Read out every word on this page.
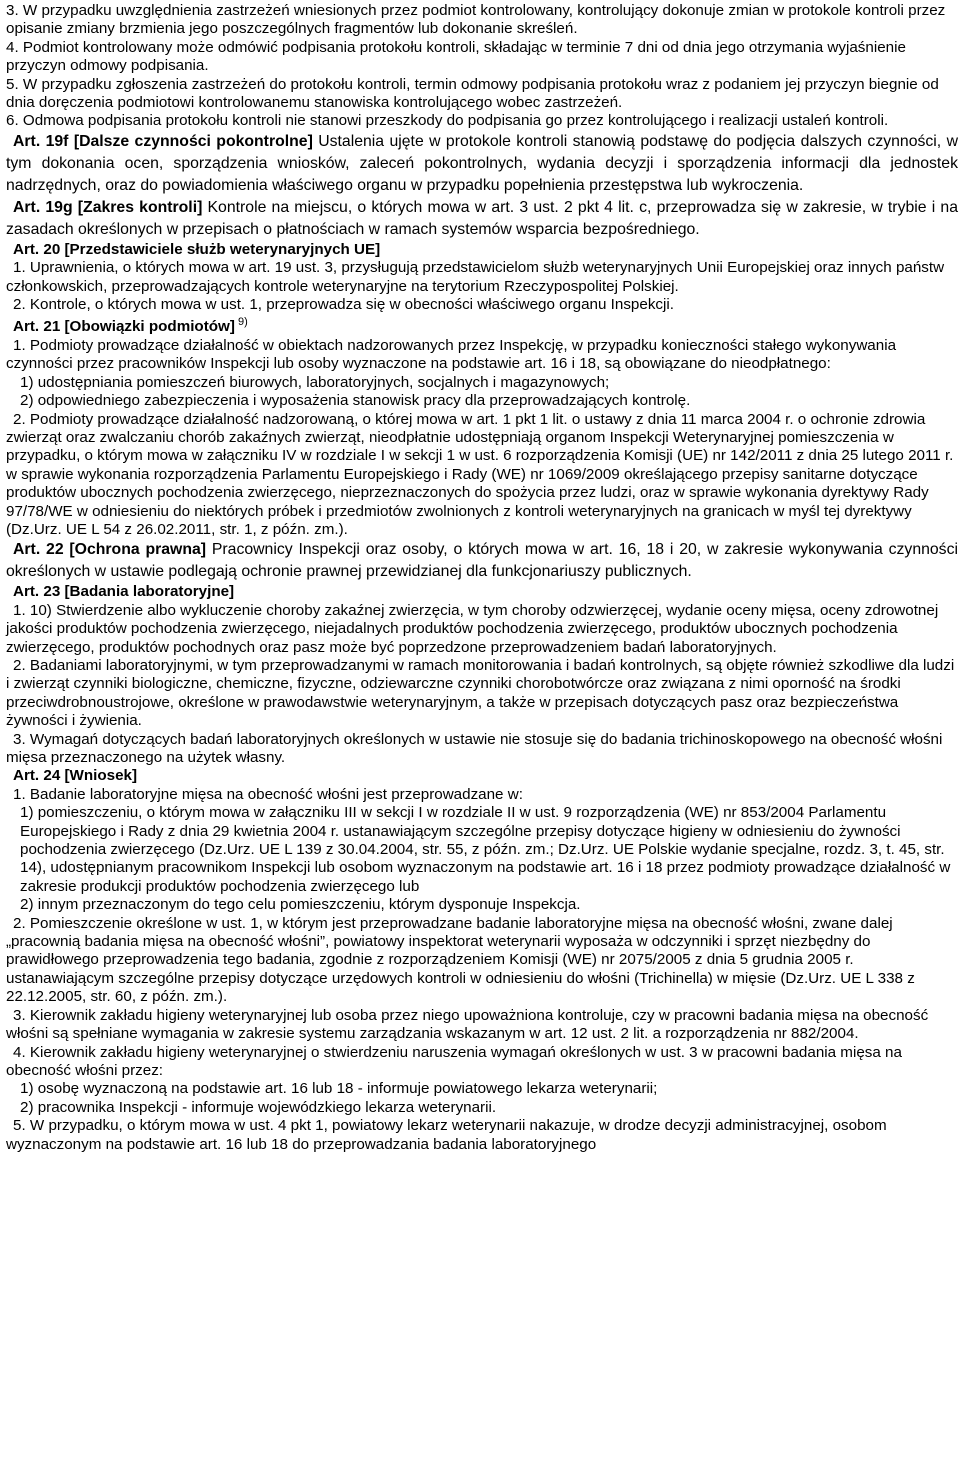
3. W przypadku uwzględnienia zastrzeżeń wniesionych przez podmiot kontrolowany, kontrolujący dokonuje zmian w protokole kontroli przez opisanie zmiany brzmienia jego poszczególnych fragmentów lub dokonanie skreśleń.

4. Podmiot kontrolowany może odmówić podpisania protokołu kontroli, składając w terminie 7 dni od dnia jego otrzymania wyjaśnienie przyczyn odmowy podpisania.

5. W przypadku zgłoszenia zastrzeżeń do protokołu kontroli, termin odmowy podpisania protokołu wraz z podaniem jej przyczyn biegnie od dnia doręczenia podmiotowi kontrolowanemu stanowiska kontrolującego wobec zastrzeżeń.

6. Odmowa podpisania protokołu kontroli nie stanowi przeszkody do podpisania go przez kontrolującego i realizacji ustaleń kontroli.

Art. 19f [Dalsze czynności pokontrolne] Ustalenia ujęte w protokole kontroli stanowią podstawę do podjęcia dalszych czynności, w tym dokonania ocen, sporządzenia wniosków, zaleceń pokontrolnych, wydania decyzji i sporządzenia informacji dla jednostek nadrzędnych, oraz do powiadomienia właściwego organu w przypadku popełnienia przestępstwa lub wykroczenia.

Art. 19g [Zakres kontroli] Kontrole na miejscu, o których mowa w art. 3 ust. 2 pkt 4 lit. c, przeprowadza się w zakresie, w trybie i na zasadach określonych w przepisach o płatnościach w ramach systemów wsparcia bezpośredniego.

Art. 20 [Przedstawiciele służb weterynaryjnych UE]

1. Uprawnienia, o których mowa w art. 19 ust. 3, przysługują przedstawicielom służb weterynaryjnych Unii Europejskiej oraz innych państw członkowskich, przeprowadzających kontrole weterynaryjne na terytorium Rzeczypospolitej Polskiej.

2. Kontrole, o których mowa w ust. 1, przeprowadza się w obecności właściwego organu Inspekcji.

Art. 21 [Obowiązki podmiotów] $^{9)}$

1. Podmioty prowadzące działalność w obiektach nadzorowanych przez Inspekcję, w przypadku konieczności stałego wykonywania czynności przez pracowników Inspekcji lub osoby wyznaczone na podstawie art. 16 i 18, są obowiązane do nieodpłatnego:

1) udostępniania pomieszczeń biurowych, laboratoryjnych, socjalnych i magazynowych;

2) odpowiedniego zabezpieczenia i wyposażenia stanowisk pracy dla przeprowadzających kontrolę.

2. Podmioty prowadzące działalność nadzorowaną, o której mowa w art. 1 pkt 1 lit. o ustawy z dnia 11 marca 2004 r. o ochronie zdrowia zwierząt oraz zwalczaniu chorób zakaźnych zwierząt, nieodpłatnie udostępniają organom Inspekcji Weterynaryjnej pomieszczenia w przypadku, o którym mowa w załączniku IV w rozdziale I w sekcji 1 w ust. 6 rozporządzenia Komisji (UE) nr 142/2011 z dnia 25 lutego 2011 r. w sprawie wykonania rozporządzenia Parlamentu Europejskiego i Rady (WE) nr 1069/2009 określającego przepisy sanitarne dotyczące produktów ubocznych pochodzenia zwierzęcego, nieprzeznaczonych do spożycia przez ludzi, oraz w sprawie wykonania dyrektywy Rady 97/78/WE w odniesieniu do niektórych próbek i przedmiotów zwolnionych z kontroli weterynaryjnych na granicach w myśl tej dyrektywy (Dz.Urz. UE L 54 z 26.02.2011, str. 1, z późn. zm.).

Art. 22 [Ochrona prawna] Pracownicy Inspekcji oraz osoby, o których mowa w art. 16, 18 i 20, w zakresie wykonywania czynności określonych w ustawie podlegają ochronie prawnej przewidzianej dla funkcjonariuszy publicznych.

Art. 23 [Badania laboratoryjne]

1. 10) Stwierdzenie albo wykluczenie choroby zakaźnej zwierzęcia, w tym choroby odzwierzęcej, wydanie oceny mięsa, oceny zdrowotnej jakości produktów pochodzenia zwierzęcego, niejadalnych produktów pochodzenia zwierzęcego, produktów ubocznych pochodzenia zwierzęcego, produktów pochodnych oraz pasz może być poprzedzone przeprowadzeniem badań laboratoryjnych.

2. Badaniami laboratoryjnymi, w tym przeprowadzanymi w ramach monitorowania i badań kontrolnych, są objęte również szkodliwe dla ludzi i zwierząt czynniki biologiczne, chemiczne, fizyczne, odziewarczne czynniki chorobotwórcze oraz związana z nimi oporność na środki przeciwdrobnoustrojowe, określone w prawodawstwie weterynaryjnym, a także w przepisach dotyczących pasz oraz bezpieczeństwa żywności i żywienia.

3. Wymagań dotyczących badań laboratoryjnych określonych w ustawie nie stosuje się do badania trichinoskopowego na obecność włośni mięsa przeznaczonego na użytek własny.

Art. 24 [Wniosek]

1. Badanie laboratoryjne mięsa na obecność włośni jest przeprowadzane w:

1) pomieszczeniu, o którym mowa w załączniku III w sekcji I w rozdziale II w ust. 9 rozporządzenia (WE) nr 853/2004 Parlamentu Europejskiego i Rady z dnia 29 kwietnia 2004 r. ustanawiającym szczególne przepisy dotyczące higieny w odniesieniu do żywności pochodzenia zwierzęcego (Dz.Urz. UE L 139 z 30.04.2004, str. 55, z późn. zm.; Dz.Urz. UE Polskie wydanie specjalne, rozdz. 3, t. 45, str. 14), udostępnianym pracownikom Inspekcji lub osobom wyznaczonym na podstawie art. 16 i 18 przez podmioty prowadzące działalność w zakresie produkcji produktów pochodzenia zwierzęcego lub

2) innym przeznaczonym do tego celu pomieszczeniu, którym dysponuje Inspekcja.

2. Pomieszczenie określone w ust. 1, w którym jest przeprowadzane badanie laboratoryjne mięsa na obecność włośni, zwane dalej „pracownią badania mięsa na obecność włośni”, powiatowy inspektorat weterynarii wyposaża w odczynniki i sprzęt niezbędny do prawidłowego przeprowadzenia tego badania, zgodnie z rozporządzeniem Komisji (WE) nr 2075/2005 z dnia 5 grudnia 2005 r. ustanawiającym szczególne przepisy dotyczące urzędowych kontroli w odniesieniu do włośni (Trichinella) w mięsie (Dz.Urz. UE L 338 z 22.12.2005, str. 60, z późn. zm.).

3. Kierownik zakładu higieny weterynaryjnej lub osoba przez niego upoważniona kontroluje, czy w pracowni badania mięsa na obecność włośni są spełniane wymagania w zakresie systemu zarządzania wskazanym w art. 12 ust. 2 lit. a rozporządzenia nr 882/2004.

4. Kierownik zakładu higieny weterynaryjnej o stwierdzeniu naruszenia wymagań określonych w ust. 3 w pracowni badania mięsa na obecność włośni przez:

1) osobę wyznaczoną na podstawie art. 16 lub 18 - informuje powiatowego lekarza weterynarii;

2) pracownika Inspekcji - informuje wojewódzkiego lekarza weterynarii.

5. W przypadku, o którym mowa w ust. 4 pkt 1, powiatowy lekarz weterynarii nakazuje, w drodze decyzji administracyjnej, osobom wyznaczonym na podstawie art. 16 lub 18 do przeprowadzania badania laboratoryjnego
